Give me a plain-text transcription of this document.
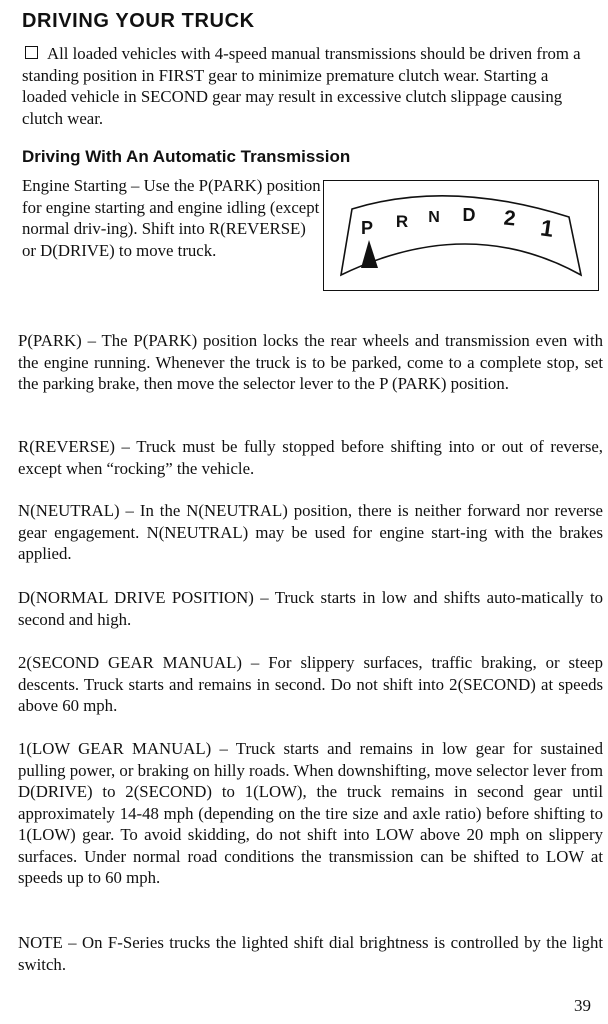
DRIVING YOUR TRUCK
All loaded vehicles with 4-speed manual transmissions should be driven from a standing position in FIRST gear to minimize premature clutch wear. Starting a loaded vehicle in SECOND gear may result in excessive clutch slippage causing clutch wear.
Driving With An Automatic Transmission
Engine Starting – Use the P(PARK) position for engine starting and engine idling (except normal driv-ing). Shift into R(REVERSE) or D(DRIVE) to move truck.
P R N D 2 1

P(PARK) – The P(PARK) position locks the rear wheels and transmission even with the engine running. Whenever the truck is to be parked, come to a complete stop, set the parking brake, then move the selector lever to the P (PARK) position.

R(REVERSE) – Truck must be fully stopped before shifting into or out of reverse, except when “rocking” the vehicle.

N(NEUTRAL) – In the N(NEUTRAL) position, there is neither forward nor reverse gear engagement. N(NEUTRAL) may be used for engine start-ing with the brakes applied.

D(NORMAL DRIVE POSITION) – Truck starts in low and shifts auto-matically to second and high.

2(SECOND GEAR MANUAL) – For slippery surfaces, traffic braking, or steep descents. Truck starts and remains in second. Do not shift into 2(SECOND) at speeds above 60 mph.

1(LOW GEAR MANUAL) – Truck starts and remains in low gear for sustained pulling power, or braking on hilly roads. When downshifting, move selector lever from D(DRIVE) to 2(SECOND) to 1(LOW), the truck remains in second gear until approximately 14-48 mph (depending on the tire size and axle ratio) before shifting to 1(LOW) gear. To avoid skidding, do not shift into LOW above 20 mph on slippery surfaces. Under normal road conditions the transmission can be shifted to LOW at speeds up to 60 mph.

NOTE – On F-Series trucks the lighted shift dial brightness is controlled by the light switch.

39
